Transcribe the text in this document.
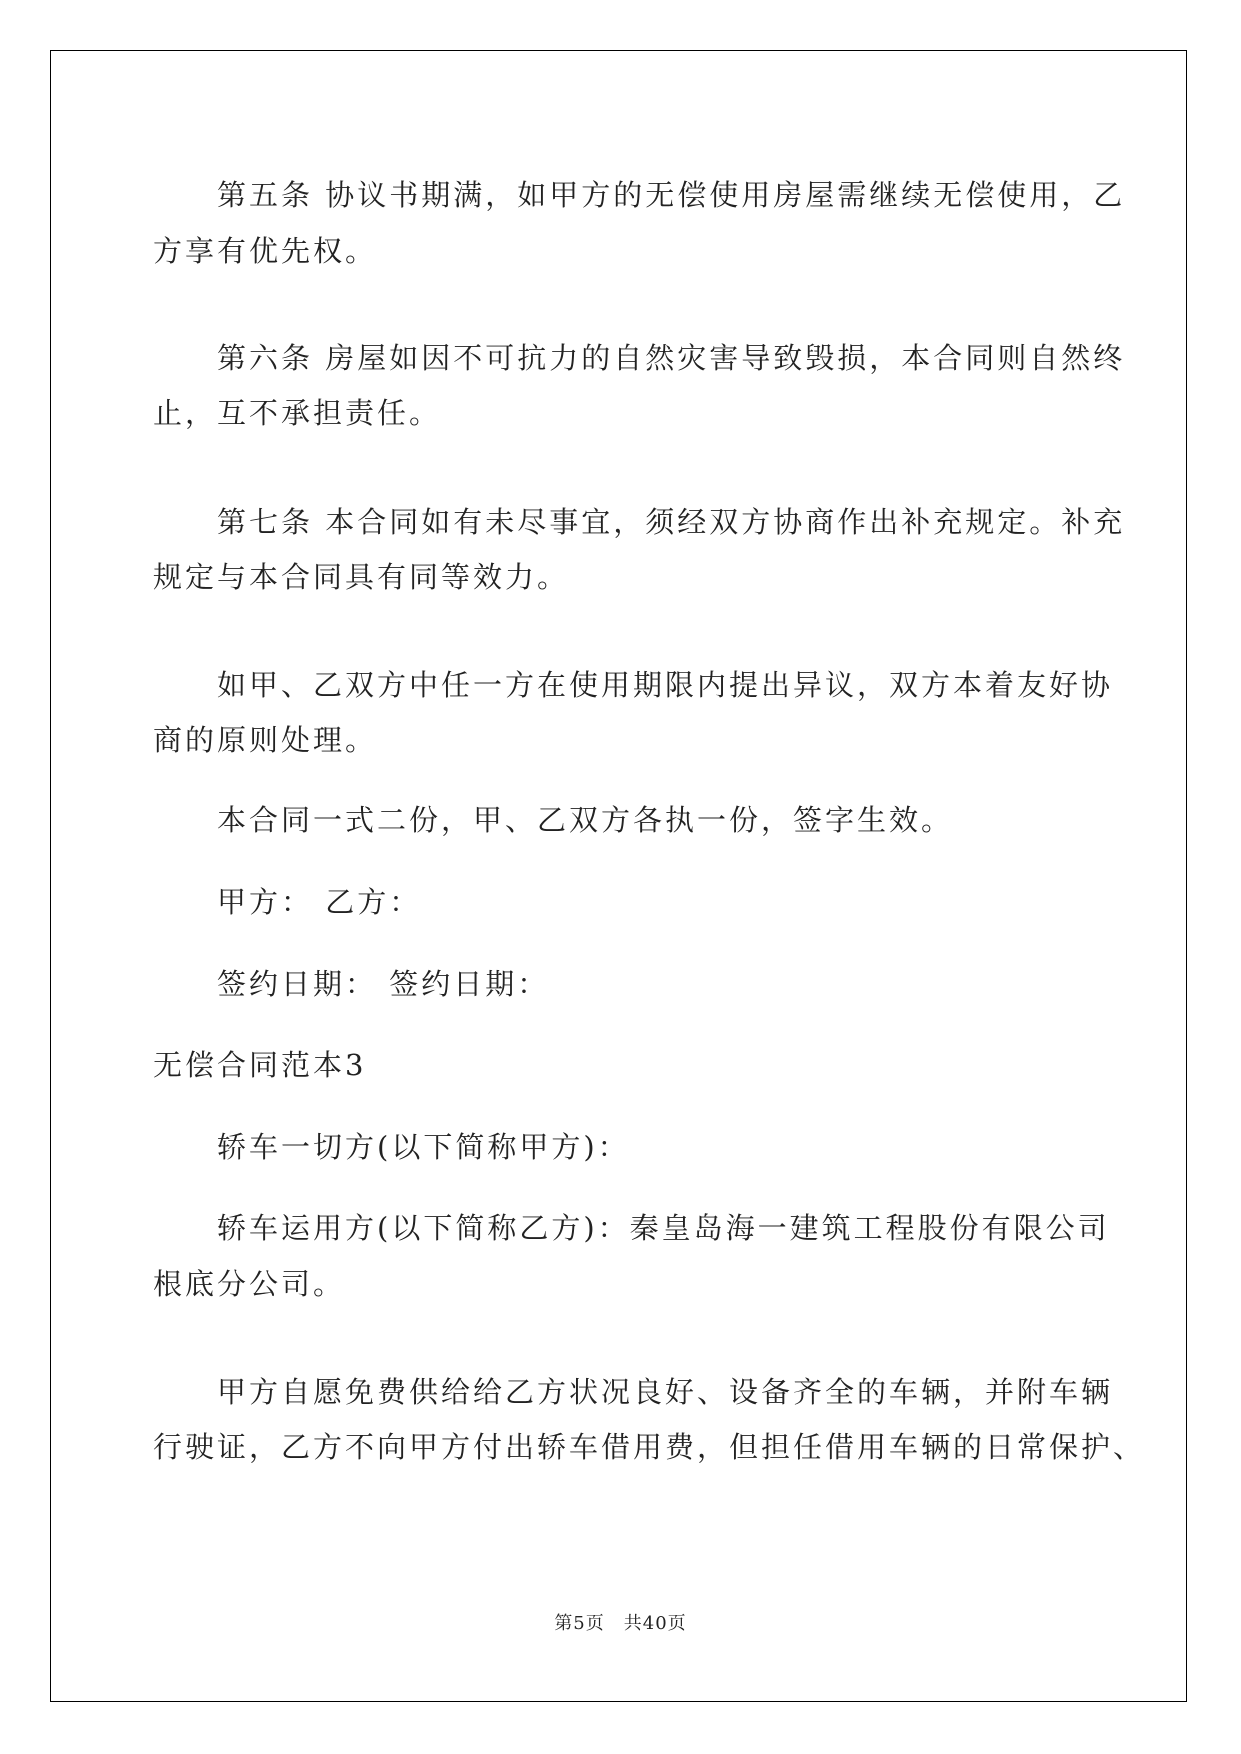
　　第五条 协议书期满，如甲方的无偿使用房屋需继续无偿使用，乙

方享有优先权。

　　第六条 房屋如因不可抗力的自然灾害导致毁损，本合同则自然终

止，互不承担责任。

　　第七条 本合同如有未尽事宜，须经双方协商作出补充规定。补充

规定与本合同具有同等效力。

　　如甲、乙双方中任一方在使用期限内提出异议，双方本着友好协

商的原则处理。

　　本合同一式二份，甲、乙双方各执一份，签字生效。

　　甲方： 乙方：

　　签约日期： 签约日期：

无偿合同范本3

　　轿车一切方(以下简称甲方)：

　　轿车运用方(以下简称乙方)：秦皇岛海一建筑工程股份有限公司

根底分公司。

　　甲方自愿免费供给给乙方状况良好、设备齐全的车辆，并附车辆

行驶证，乙方不向甲方付出轿车借用费，但担任借用车辆的日常保护、

第5页　共40页
